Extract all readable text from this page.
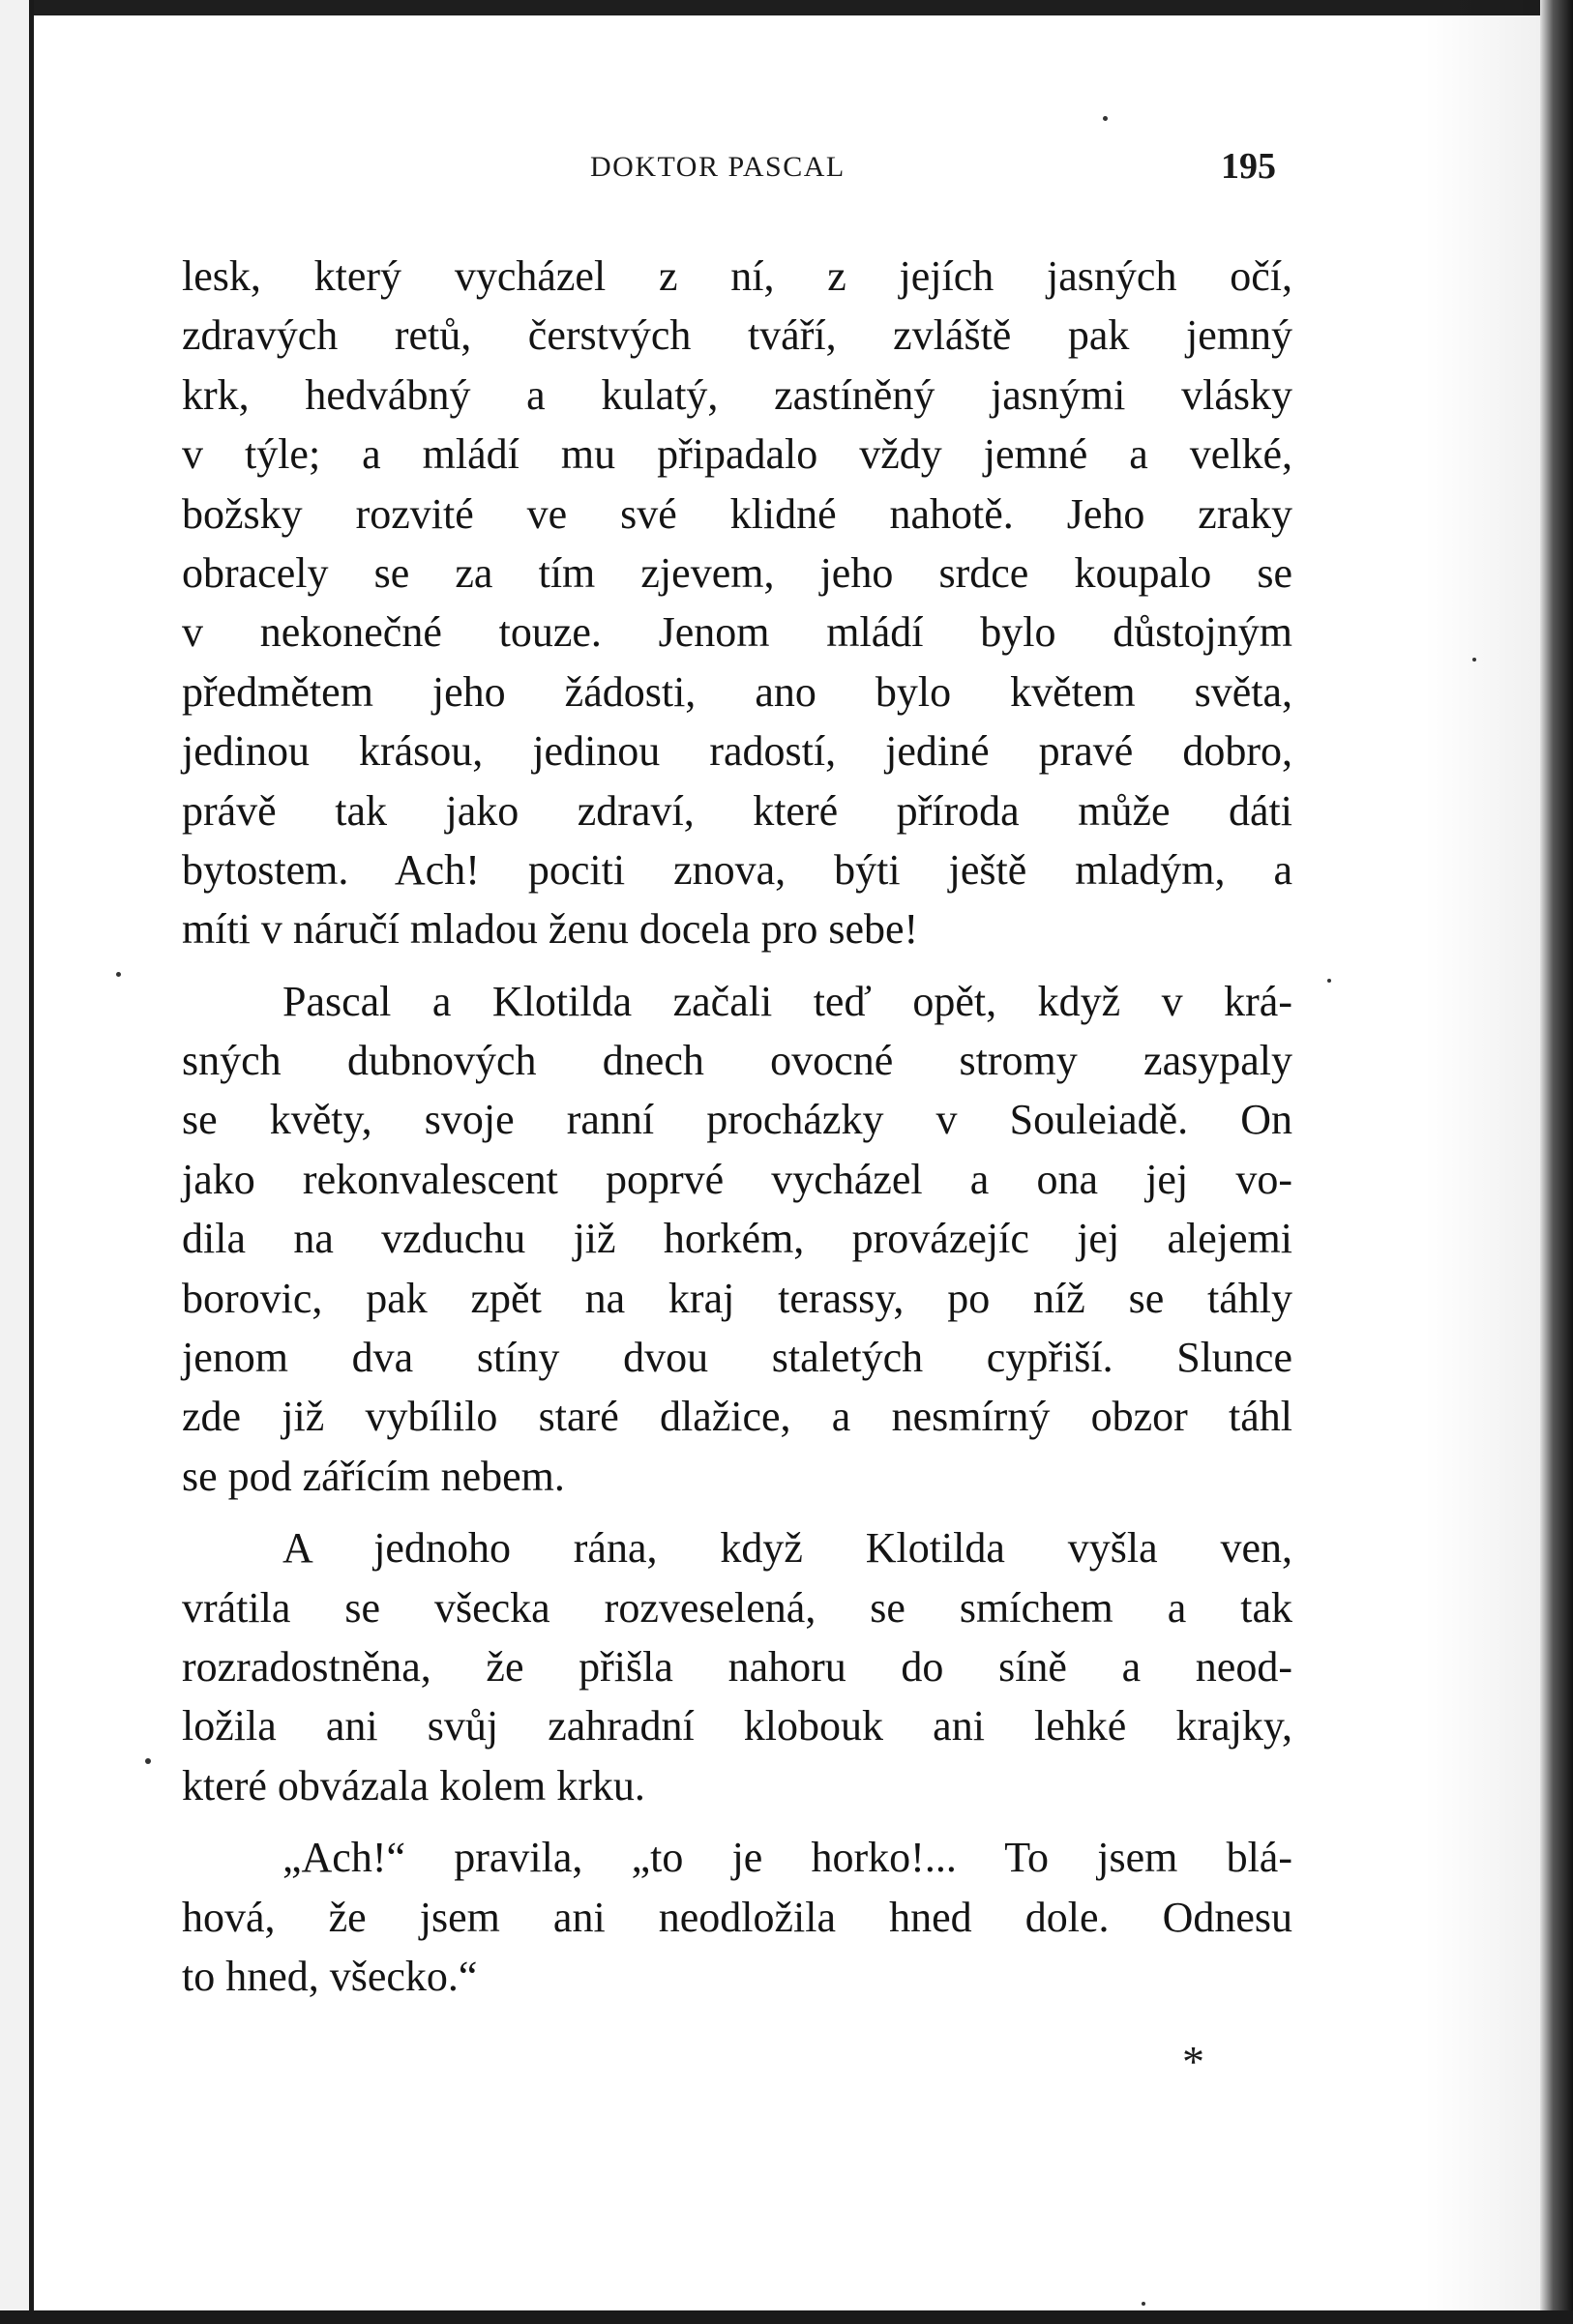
DOKTOR PASCAL	195
lesk, který vycházel z ní, z jejích jasných očí,
zdravých retů, čerstvých tváří, zvláště pak jemný
krk, hedvábný a kulatý, zastíněný jasnými vlásky
v týle; a mládí mu připadalo vždy jemné a velké,
božsky rozvité ve své klidné nahotě. Jeho zraky
obracely se za tím zjevem, jeho srdce koupalo se
v nekonečné touze. Jenom mládí bylo důstojným
předmětem jeho žádosti, ano bylo květem světa,
jedinou krásou, jedinou radostí, jediné pravé dobro,
právě tak jako zdraví, které příroda může dáti
bytostem. Ach! pociti znova, býti ještě mladým, a
míti v náručí mladou ženu docela pro sebe!
Pascal a Klotilda začali teď opět, když v krá-
sných dubnových dnech ovocné stromy zasypaly
se květy, svoje ranní procházky v Souleiadě. On
jako rekonvalescent poprvé vycházel a ona jej vo-
dila na vzduchu již horkém, provázejíc jej alejemi
borovic, pak zpět na kraj terassy, po níž se táhly
jenom dva stíny dvou staletých cypřiší. Slunce
zde již vybílilo staré dlažice, a nesmírný obzor táhl
se pod zářícím nebem.
A jednoho rána, když Klotilda vyšla ven,
vrátila se všecka rozveselená, se smíchem a tak
rozradostněna, že přišla nahoru do síně a neod-
ložila ani svůj zahradní klobouk ani lehké krajky,
které obvázala kolem krku.
„Ach!“ pravila, „to je horko!... To jsem blá-
hová, že jsem ani neodložila hned dole. Odnesu
to hned, všecko.“
*
